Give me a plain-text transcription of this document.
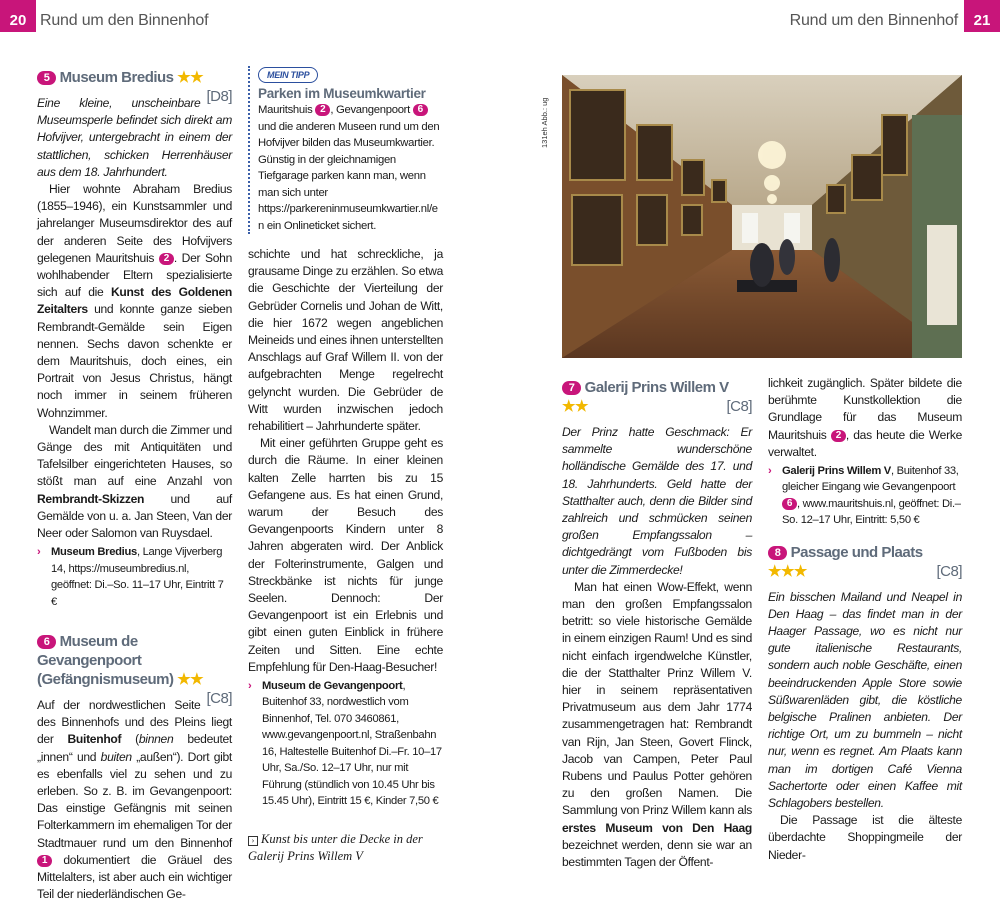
20 Rund um den Binnenhof	Rund um den Binnenhof	21
5 Museum Bredius ★★
[D8]

Eine kleine, unscheinbare Museumsperle befindet sich direkt am Hofvijver, untergebracht in einem der stattlichen, schicken Herrenhäuser aus dem 18. Jahrhundert.

Hier wohnte Abraham Bredius (1855–1946), ein Kunstsammler und jahrelanger Museumsdirektor des auf der anderen Seite des Hofvijvers gelegenen Mauritshuis 2 . Der Sohn wohlhabender Eltern spezialisierte sich auf die Kunst des Goldenen Zeitalters und konnte ganze sieben Rembrandt-Gemälde sein Eigen nennen. Sechs davon schenkte er dem Mauritshuis, doch eines, ein Portrait von Jesus Christus, hängt noch immer in seinem früheren Wohnzimmer.

Wandelt man durch die Zimmer und Gänge des mit Antiquitäten und Tafelsilber eingerichteten Hauses, so stößt man auf eine Anzahl von Rembrandt-Skizzen und auf Gemälde von u. a. Jan Steen, Van der Neer oder Salomon van Ruysdael.

› Museum Bredius, Lange Vijverberg 14, https://museumbredius.nl, geöffnet: Di.–So. 11–17 Uhr, Eintritt 7 €
6 Museum de Gevangenpoort (Gefängnismuseum) ★★
[C8]

Auf der nordwestlichen Seite des Binnenhofs und des Pleins liegt der Buitenhof (binnen bedeutet „innen“ und buiten „außen“). Dort gibt es ebenfalls viel zu sehen und zu erleben. So z. B. im Gevangenpoort: Das einstige Gefängnis mit seinen Folterkammern im ehemaligen Tor der Stadtmauer rund um den Binnenhof 1 dokumentiert die Gräuel des Mittelalters, ist aber auch ein wichtiger Teil der niederländischen Ge-

MEIN TIPP
Parken im Museumkwartier
Mauritshuis 2 , Gevangenpoort 6 und die anderen Museen rund um den Hofvijver bilden das Museumkwartier. Günstig in der gleichnamigen Tiefgarage parken kann man, wenn man sich unter https://parkereninmuseumkwartier.nl/en ein Onlineticket sichert.

schichte und hat schreckliche, ja grausame Dinge zu erzählen. So etwa die Geschichte der Vierteilung der Gebrüder Cornelis und Johan de Witt, die hier 1672 wegen angeblichen Meineids und eines ihnen unterstellten Anschlags auf Graf Willem II. von der aufgebrachten Menge regelrecht gelyncht wurden. Die Gebrüder de Witt wurden inzwischen jedoch rehabilitiert – Jahrhunderte später.

Mit einer geführten Gruppe geht es durch die Räume. In einer kleinen kalten Zelle harrten bis zu 15 Gefangene aus. Es hat einen Grund, warum der Besuch des Gevangenpoorts Kindern unter 8 Jahren abgeraten wird. Der Anblick der Folterinstrumente, Galgen und Streckbänke ist nichts für junge Seelen. Dennoch: Der Gevangenpoort ist ein Erlebnis und gibt einen guten Einblick in frühere Zeiten und Sitten. Eine echte Empfehlung für Den-Haag-Besucher!

› Museum de Gevangenpoort, Buitenhof 33, nordwestlich vom Binnenhof, Tel. 070 3460861, www.gevangenpoort.nl, Straßenbahn 16, Haltestelle Buitenhof Di.–Fr. 10–17 Uhr, Sa./So. 12–17 Uhr, nur mit Führung (stündlich von 10.45 Uhr bis 15.45 Uhr), Eintritt 15 €, Kinder 7,50 €
› Kunst bis unter die Decke in der Galerij Prins Willem V
131eh Abb.: ug
7 Galerij Prins Willem V ★★	[C8]

Der Prinz hatte Geschmack: Er sammelte wunderschöne holländische Gemälde des 17. und 18. Jahrhunderts. Geld hatte der Statthalter auch, denn die Bilder sind zahlreich und schmücken seinen großen Empfangssalon – dichtgedrängt vom Fußboden bis unter die Zimmerdecke!

Man hat einen Wow-Effekt, wenn man den großen Empfangssalon betritt: so viele historische Gemälde in einem einzigen Raum! Und es sind nicht einfach irgendwelche Künstler, die der Statthalter Prinz Willem V. hier in seinem repräsentativen Privatmuseum aus dem Jahr 1774 zusammengetragen hat: Rembrandt van Rijn, Jan Steen, Govert Flinck, Jacob van Campen, Peter Paul Rubens und Paulus Potter gehören zu den großen Namen. Die Sammlung von Prinz Willem kann als erstes Museum von Den Haag bezeichnet werden, denn sie war an bestimmten Tagen der Öffent-

lichkeit zugänglich. Später bildete die berühmte Kunstkollektion die Grundlage für das Museum Mauritshuis 2 , das heute die Werke verwaltet.

› Galerij Prins Willem V, Buitenhof 33, gleicher Eingang wie Gevangenpoort 6 , www.mauritshuis.nl, geöffnet: Di.–So. 12–17 Uhr, Eintritt: 5,50 €
8 Passage und Plaats ★★★	[C8]

Ein bisschen Mailand und Neapel in Den Haag – das findet man in der Haager Passage, wo es nicht nur gute italienische Restaurants, sondern auch noble Geschäfte, einen beeindruckenden Apple Store sowie Süßwarenläden gibt, die köstliche belgische Pralinen anbieten. Der richtige Ort, um zu bummeln – nicht nur, wenn es regnet. Am Plaats kann man im dortigen Café Vienna Sachertorte oder einen Kaffee mit Schlagobers bestellen.

Die Passage ist die älteste überdachte Shoppingmeile der Nieder-
